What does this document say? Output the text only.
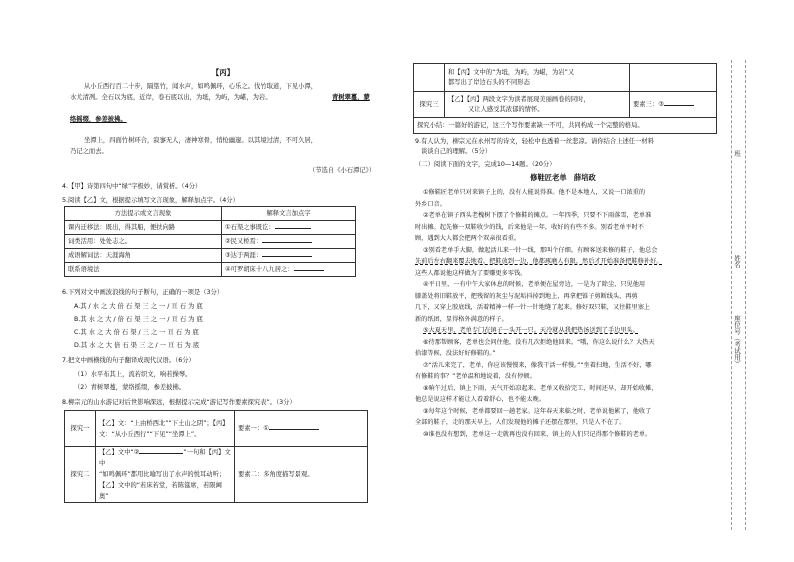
【丙】
从小丘西行百二十步，隔篁竹，闻水声，如鸣佩环，心乐之。伐竹取道，下见小潭，
水尤清冽。全石以为底，近岸，卷石底以出，为坻，为屿，为嵁，为岩。	青树翠蔓，蒙
络摇缀，参差披拂。
坐潭上，四面竹树环合，寂寥无人，凄神寒骨，悄怆幽邃。以其境过清，不可久居，
乃记之而去。
（节选自《小石潭记》）
4.【甲】诗第四句中“绿”字极妙，请赏析。（4分）
5.阅读【乙】文，根据提示填写文言现象，解释加点字。（4分）
方法提示或文言现象	解释文言加点字
课内迁移法：既出，得其船，便扶向路	①石渠之事既讫：
词类活用：处处志之。	②民又桥焉：
成语解词法：天涯海角	③达于两涯：
联系语境法	④可罗胡床十八九居之：
6.下列对文中画波浪线的句子断句，正确的一项是（3分）
A.其 / 水 之 大 倍 石 渠 三 之 一 / 亘 石 为 底
B.其 水 之 大 / 倍 石 渠 三 之 一 / 亘 石 为 底
C.其 水 之 大 倍 石 渠 / 三 之 一 亘 石 为 底
D.其 水 之 大 倍 石 渠 三 之 / 一 亘 石 为 底
7.把文中画横线的句子翻译成现代汉语。（6分）
（1）水平布其上，流若织文，响若操琴。
（2）青树翠蔓，蒙络摇缀，参差披拂。
8.柳宗元的山水游记对后世影响深远，根据提示完成“游记写作要素探究表”。（3分）
探究一	【乙】文：“上由桥西北”“下土山之阴”；【丙】
文：“从小丘西行”“下见”“坐潭上”。	要素一：①
探究二	【乙】文中“② ”一句和【丙】文中
“如鸣佩环”都用比喻写出了水声的悦耳动听；
【乙】文中的“若床若堂，若陈筵席，若限阃奥”	要素二：多角度描写景观。

	和【丙】文中的“为坻，为屿，为嵁，为岩”又
都写出了岸边石头的不同形态	

探究三	【乙】【丙】两段文字为读者展现美丽画卷的同时，
又让人感受其浓郁的情怀。	要素三：③
探究小结：一篇好的游记，这三个写作要素缺一不可，共同构成一个完整的格局。		
9.有人认为，柳宗元在永州写的诗文，轻松中也透着一丝悲凉。请你结合上述任一材料
谈谈自己的理解。（5分）
（二）阅读下面的文字，完成10—14题。（20分）
修鞋匠老单　薛培政
①修鞋匠老单只对来镇子上的，没有人能说得准。他不是本地人，又说一口浓重的
外乡口音。
②老单在镇子西头老槐树下摆了个修鞋的摊点。一年四季，只要不下雨落雪，老单准
时出摊。起先修一双鞋收少的钱，后来他是一年，收好的有些不多。别看老单平时不
顾，遇到大人都会把两个双亲很看重。
③别看老单手大脚，做起活儿来一针一线，那叫个仔细。有顾客送来修的鞋子，他总会
先前后左右翻来覆去地看。把鞋放到一边，他都琢磨人有限，然后才开始准备把鞋修补好。
这些人都说他这样做为了要赚更多零钱。
④平日里，一有中午大家休息的时候，老单便在屋旁边，一是为了除尘，只见他用
膝盖处将旧鞋放平，把残留的灰尘与泥垢抖掉到地上，再拿把锥子剪断线头，再剪
几下，又穿上胶底线，活着精神一样一针一针地缝了起来。修好双只鞋，又往鞋里塞上
新的纸团，显得格外满意的样子。
⑤大夏天里，老单专门在镇子一头开一只。天冷就从我把热汤送到了手边里头。
⑥待那帮顾客，老单也会问住他，没有几次拒绝他回来。“哦，你这么说什么？大热天
拾漆等候，没法好好修鞋的。”
⑦“活儿来完了，老单，你应该慢慢来，像我干活一样慢。”“坐着扫地，生活不好，哪
有修鞋的事？”老单温和地说着，没有停顿。
⑧晌午过后，镇上下雨，天气开始凉起来。老单又收拾完工，时间还早，却开始收摊，
他总是说这样才能让人看着舒心，也不能太晚。
⑨每年这个时候，老单都要回一趟老家。这年春天来临之时，老单说他累了，他收了
全部的鞋子，走的那天早上，人们发现他的摊子还摆在那里，只是人不在了。
⑩谁也没有想到，老单这一走就再也没有回来，镇上的人们只记得那个修鞋的老单。
班
姓名
座位号（考试用）
